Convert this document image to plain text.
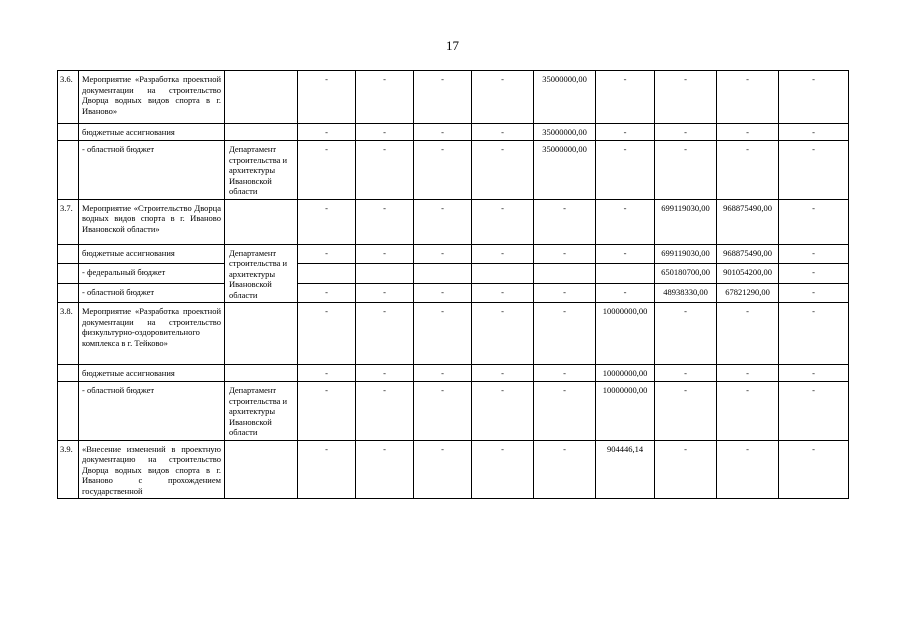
17
3.6.	Мероприятие «Разработка проектной документации на строительство Дворца водных видов спорта в г. Иваново»		-	-	-	-	35000000,00	-	-	-	-
	бюджетные ассигнования		-	-	-	-	35000000,00	-	-	-	-
	- областной бюджет	Департамент строительства и архитектуры Ивановской области	-	-	-	-	35000000,00	-	-	-	-
3.7.	Мероприятие «Строительство Дворца водных видов спорта в г. Иваново Ивановской области»		-	-	-	-	-	-	699119030,00	968875490,00	-
	бюджетные ассигнования	Департамент строительства и архитектуры Ивановской области	-	-	-	-	-	-	699119030,00	968875490,00	-
	- федеральный бюджет								650180700,00	901054200,00	-
	- областной бюджет		-	-	-	-	-	-	48938330,00	67821290,00	-
3.8.	Мероприятие «Разработка проектной документации на строительство физкультурно-оздоровительного комплекса в г. Тейково»		-	-	-	-	-	10000000,00	-	-	-
	бюджетные ассигнования		-	-	-	-	-	10000000,00	-	-	-
	- областной бюджет	Департамент строительства и архитектуры Ивановской области	-	-	-	-	-	10000000,00	-	-	-
3.9.	«Внесение изменений в проектную документацию на строительство Дворца водных видов спорта в г. Иваново с прохождением государственной		-	-	-	-	-	904446,14	-	-	-
